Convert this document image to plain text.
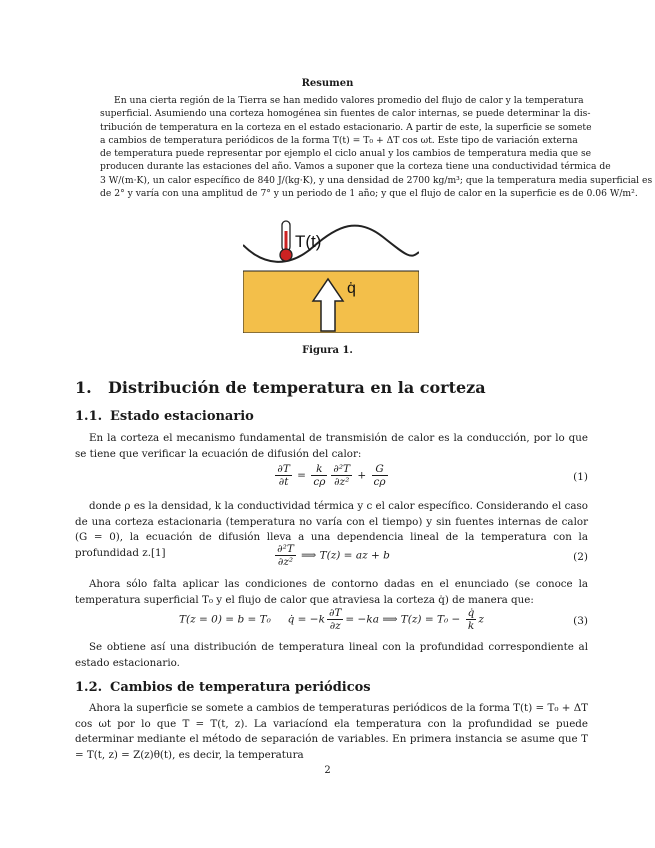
Resumen
En una cierta región de la Tierra se han medido valores promedio del flujo de calor y la temperatura
superficial. Asumiendo una corteza homogénea sin fuentes de calor internas, se puede determinar la dis-
tribución de temperatura en la corteza en el estado estacionario. A partir de este, la superficie se somete
a cambios de temperatura periódicos de la forma T(t) = T₀ + ΔT cos ωt. Este tipo de variación externa
de temperatura puede representar por ejemplo el ciclo anual y los cambios de temperatura media que se
producen durante las estaciones del año. Vamos a suponer que la corteza tiene una conductividad térmica de
3 W/(m·K), un calor específico de 840 J/(kg·K), y una densidad de 2700 kg/m³; que la temperatura media superficial es
de 2° y varía con una amplitud de 7° y un periodo de 1 año; y que el flujo de calor en la superficie es de 0.06 W/m².
T(t)
q̇
Figura 1.
1. Distribución de temperatura en la corteza
1.1. Estado estacionario

En la corteza el mecanismo fundamental de transmisión de calor es la conducción, por lo que se tiene que verificar la ecuación de difusión del calor:

$\frac{\partial T}{\partial t} = \frac{k}{c\rho} \frac{\text{∂²T}}{\text{∂z²}} + \frac{G}{c\rho}$	(1)

donde ρ es la densidad, k la conductividad térmica y c el calor específico. Considerando el caso de una corteza estacionaria (temperatura no varía con el tiempo) y sin fuentes internas de calor (G = 0), la ecuación de difusión lleva a una dependencia lineal de la temperatura con la profundidad z.[1]	$\frac{\text{∂²T}}{\text{∂z²}}$ ⟹ T(z) = az + b	(2)

Ahora sólo falta aplicar las condiciones de contorno dadas en el enunciado (se conoce la temperatura superficial T₀ y el flujo de calor que atraviesa la corteza q̇) de manera que:

T(z = 0) = b = T₀     q̇ = $-k \frac{\partial T}{\partial z} = -ka$ ⟹ $T(z) = T_0 - \frac{q̇}{k}$ z	(3)

Se obtiene así una distribución de temperatura lineal con la profundidad correspondiente al estado estacionario.

1.2. Cambios de temperatura periódicos

Ahora la superficie se somete a cambios de temperaturas periódicos de la forma T(t) = T₀ + ΔT cos ωt por lo que T = T(t, z). La variacíond ela temperatura con la profundidad se puede determinar mediante el método de separación de variables. En primera instancia se asume que T = T(t, z) = Z(z)θ(t), es decir, la temperatura

2
